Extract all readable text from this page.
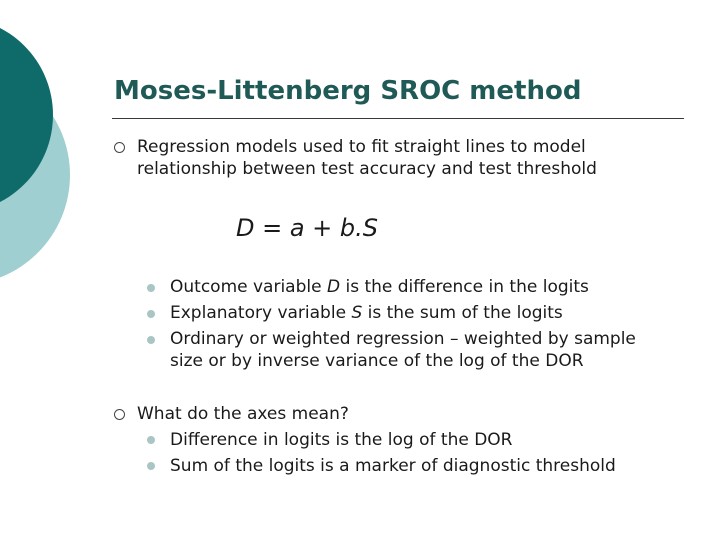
Moses-Littenberg SROC method
Regression models used to fit straight lines to model
relationship between test accuracy and test threshold
D = a + b.S
Outcome variable D is the difference in the logits
Explanatory variable S is the sum of the logits
Ordinary or weighted regression – weighted by sample
size or by inverse variance of the log of the DOR
What do the axes mean?
Difference in logits is the log of the DOR
Sum of the logits is a marker of diagnostic threshold
